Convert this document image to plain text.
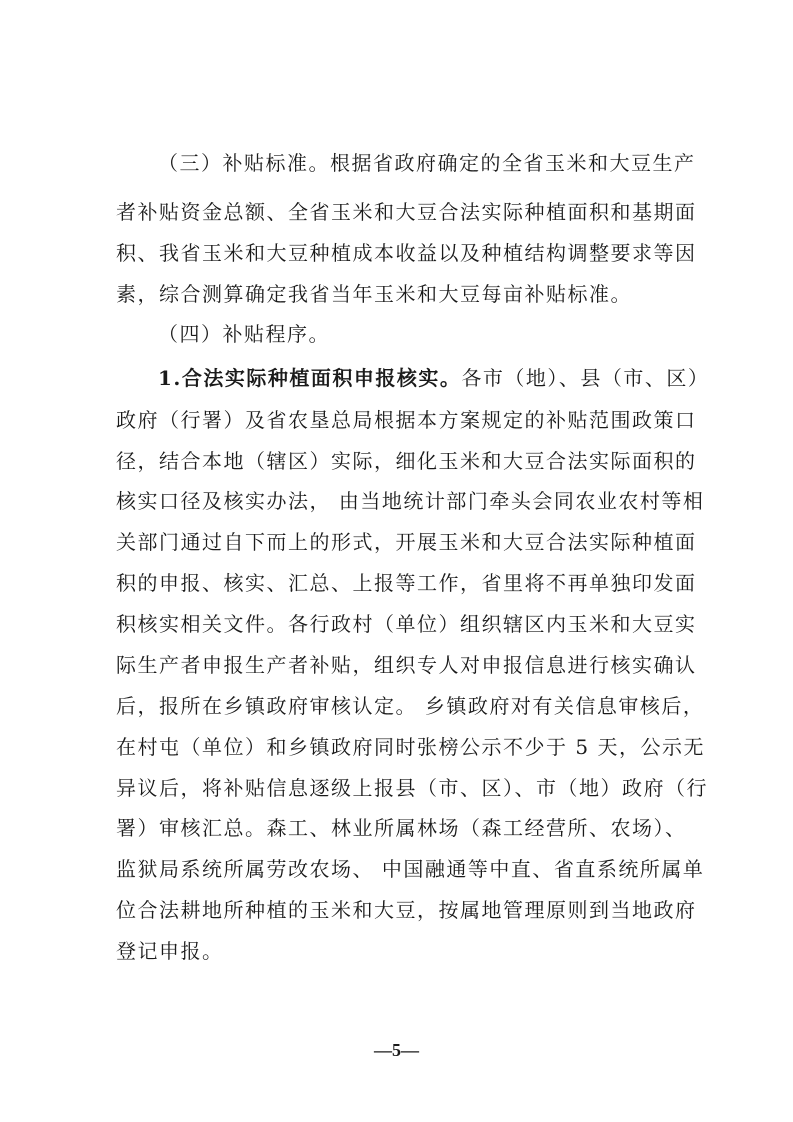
（三）补贴标准。根据省政府确定的全省玉米和大豆生产
者补贴资金总额、全省玉米和大豆合法实际种植面积和基期面
积、我省玉米和大豆种植成本收益以及种植结构调整要求等因
素，综合测算确定我省当年玉米和大豆每亩补贴标准。
（四）补贴程序。
1.合法实际种植面积申报核实。各市（地）、县（市、区）
政府（行署）及省农垦总局根据本方案规定的补贴范围政策口
径，结合本地（辖区）实际，细化玉米和大豆合法实际面积的
核实口径及核实办法， 由当地统计部门牵头会同农业农村等相
关部门通过自下而上的形式，开展玉米和大豆合法实际种植面
积的申报、核实、汇总、上报等工作，省里将不再单独印发面
积核实相关文件。各行政村（单位）组织辖区内玉米和大豆实
际生产者申报生产者补贴，组织专人对申报信息进行核实确认
后，报所在乡镇政府审核认定。 乡镇政府对有关信息审核后，
在村屯（单位）和乡镇政府同时张榜公示不少于 5 天，公示无
异议后，将补贴信息逐级上报县（市、区）、市（地）政府（行
署）审核汇总。森工、林业所属林场（森工经营所、农场）、
监狱局系统所属劳改农场、 中国融通等中直、省直系统所属单
位合法耕地所种植的玉米和大豆，按属地管理原则到当地政府
登记申报。
—5—
